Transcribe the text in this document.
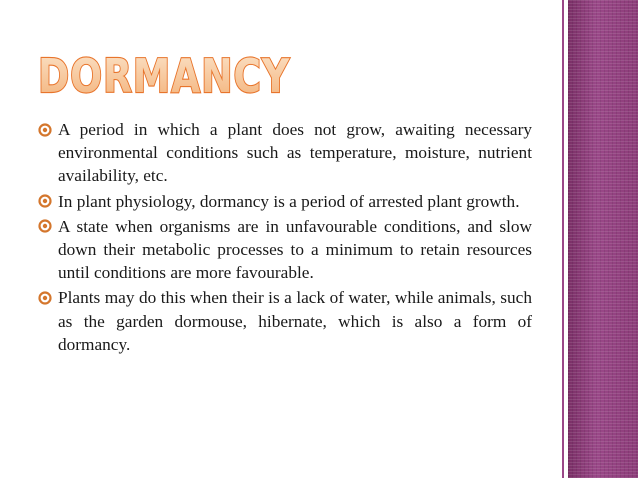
DORMANCY
A period in which a plant does not grow, awaiting necessary environmental conditions such as temperature, moisture, nutrient availability, etc.
In plant physiology, dormancy is a period of arrested plant growth.
A state when organisms are in unfavourable conditions, and slow down their metabolic processes to a minimum to retain resources until conditions are more favourable.
Plants may do this when their is a lack of water, while animals, such as the garden dormouse, hibernate, which is also a form of dormancy.
